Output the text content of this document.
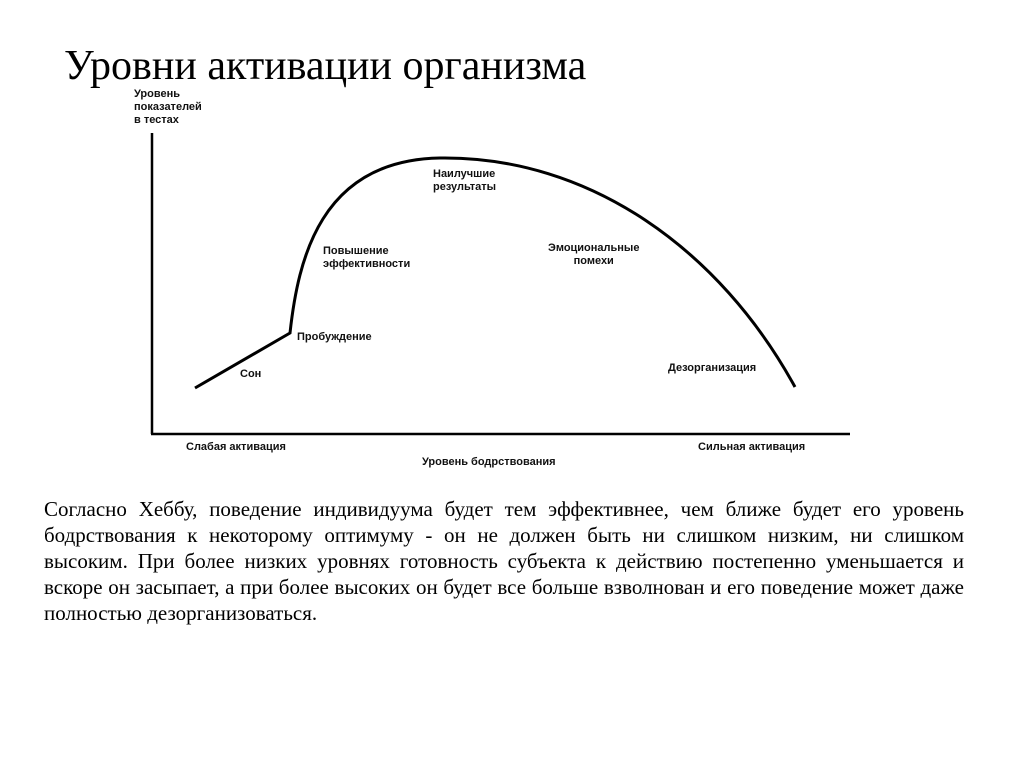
Уровни активации организма
Уровень
показателей
в тестах
Сон
Пробуждение
Повышение
эффективности
Наилучшие
результаты
Эмоциональные
помехи
Дезорганизация
Слабая активация	Сильная активация
Уровень бодрствования
Согласно Хеббу, поведение индивидуума будет тем эффективнее, чем ближе будет его уровень бодрствования к некоторому оптимуму - он не должен быть ни слишком низким, ни слишком высоким. При более низких уровнях готовность субъекта к действию постепенно уменьшается и вскоре он засыпает, а при более высоких он будет все больше взволнован и его поведение может даже полностью дезорганизоваться.
